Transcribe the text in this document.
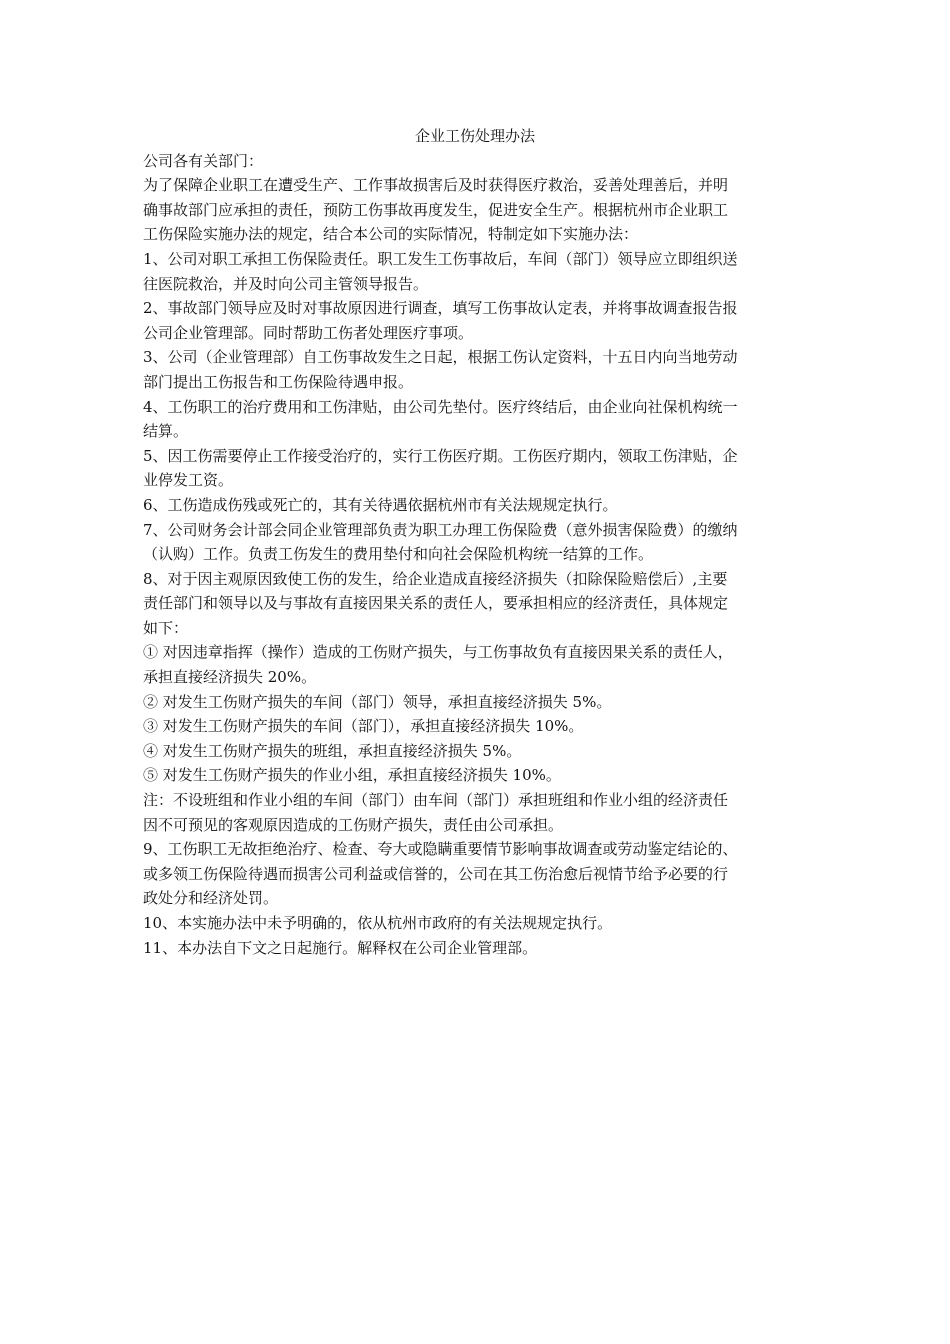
企业工伤处理办法

公司各有关部门：

为了保障企业职工在遭受生产、工作事故损害后及时获得医疗救治，妥善处理善后，并明

确事故部门应承担的责任，预防工伤事故再度发生，促进安全生产。根据杭州市企业职工

工伤保险实施办法的规定，结合本公司的实际情况，特制定如下实施办法：

1、公司对职工承担工伤保险责任。职工发生工伤事故后，车间（部门）领导应立即组织送

往医院救治，并及时向公司主管领导报告。

2、事故部门领导应及时对事故原因进行调查，填写工伤事故认定表，并将事故调查报告报

公司企业管理部。同时帮助工伤者处理医疗事项。

3、公司（企业管理部）自工伤事故发生之日起，根据工伤认定资料，十五日内向当地劳动

部门提出工伤报告和工伤保险待遇申报。

4、工伤职工的治疗费用和工伤津贴，由公司先垫付。医疗终结后，由企业向社保机构统一

结算。

5、因工伤需要停止工作接受治疗的，实行工伤医疗期。工伤医疗期内，领取工伤津贴，企

业停发工资。

6、工伤造成伤残或死亡的，其有关待遇依据杭州市有关法规规定执行。

7、公司财务会计部会同企业管理部负责为职工办理工伤保险费（意外损害保险费）的缴纳

（认购）工作。负责工伤发生的费用垫付和向社会保险机构统一结算的工作。

8、对于因主观原因致使工伤的发生，给企业造成直接经济损失（扣除保险赔偿后）,主要

责任部门和领导以及与事故有直接因果关系的责任人，要承担相应的经济责任，具体规定

如下：

① 对因违章指挥（操作）造成的工伤财产损失，与工伤事故负有直接因果关系的责任人，

承担直接经济损失 20%。

② 对发生工伤财产损失的车间（部门）领导，承担直接经济损失 5%。

③ 对发生工伤财产损失的车间（部门），承担直接经济损失 10%。

④ 对发生工伤财产损失的班组，承担直接经济损失 5%。

⑤ 对发生工伤财产损失的作业小组，承担直接经济损失 10%。

注：不设班组和作业小组的车间（部门）由车间（部门）承担班组和作业小组的经济责任

因不可预见的客观原因造成的工伤财产损失，责任由公司承担。

9、工伤职工无故拒绝治疗、检查、夸大或隐瞒重要情节影响事故调查或劳动鉴定结论的、

或多领工伤保险待遇而损害公司利益或信誉的，公司在其工伤治愈后视情节给予必要的行

政处分和经济处罚。

10、本实施办法中未予明确的，依从杭州市政府的有关法规规定执行。

11、本办法自下文之日起施行。解释权在公司企业管理部。
